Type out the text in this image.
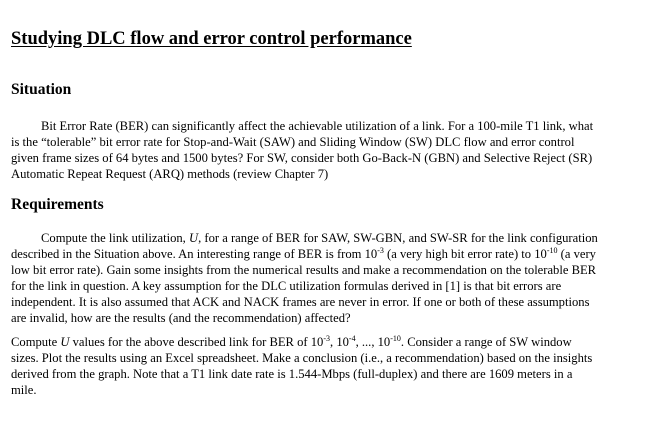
Studying DLC flow and error control performance
Situation

Bit Error Rate (BER) can significantly affect the achievable utilization of a link. For a 100-mile T1 link, what
is the “tolerable” bit error rate for Stop-and-Wait (SAW) and Sliding Window (SW) DLC flow and error control
given frame sizes of 64 bytes and 1500 bytes? For SW, consider both Go-Back-N (GBN) and Selective Reject (SR)
Automatic Repeat Request (ARQ) methods (review Chapter 7)

Requirements

Compute the link utilization, U, for a range of BER for SAW, SW-GBN, and SW-SR for the link configuration
described in the Situation above. An interesting range of BER is from $10^{-3}$ (a very high bit error rate) to $10^{-10}$ (a very
low bit error rate). Gain some insights from the numerical results and make a recommendation on the tolerable BER
for the link in question. A key assumption for the DLC utilization formulas derived in [1] is that bit errors are
independent. It is also assumed that ACK and NACK frames are never in error. If one or both of these assumptions
are invalid, how are the results (and the recommendation) affected?

Compute U values for the above described link for BER of $10^{-3}$, $10^{-4}$, ..., $10^{-10}$. Consider a range of SW window
sizes. Plot the results using an Excel spreadsheet. Make a conclusion (i.e., a recommendation) based on the insights
derived from the graph. Note that a T1 link date rate is 1.544-Mbps (full-duplex) and there are 1609 meters in a
mile.
